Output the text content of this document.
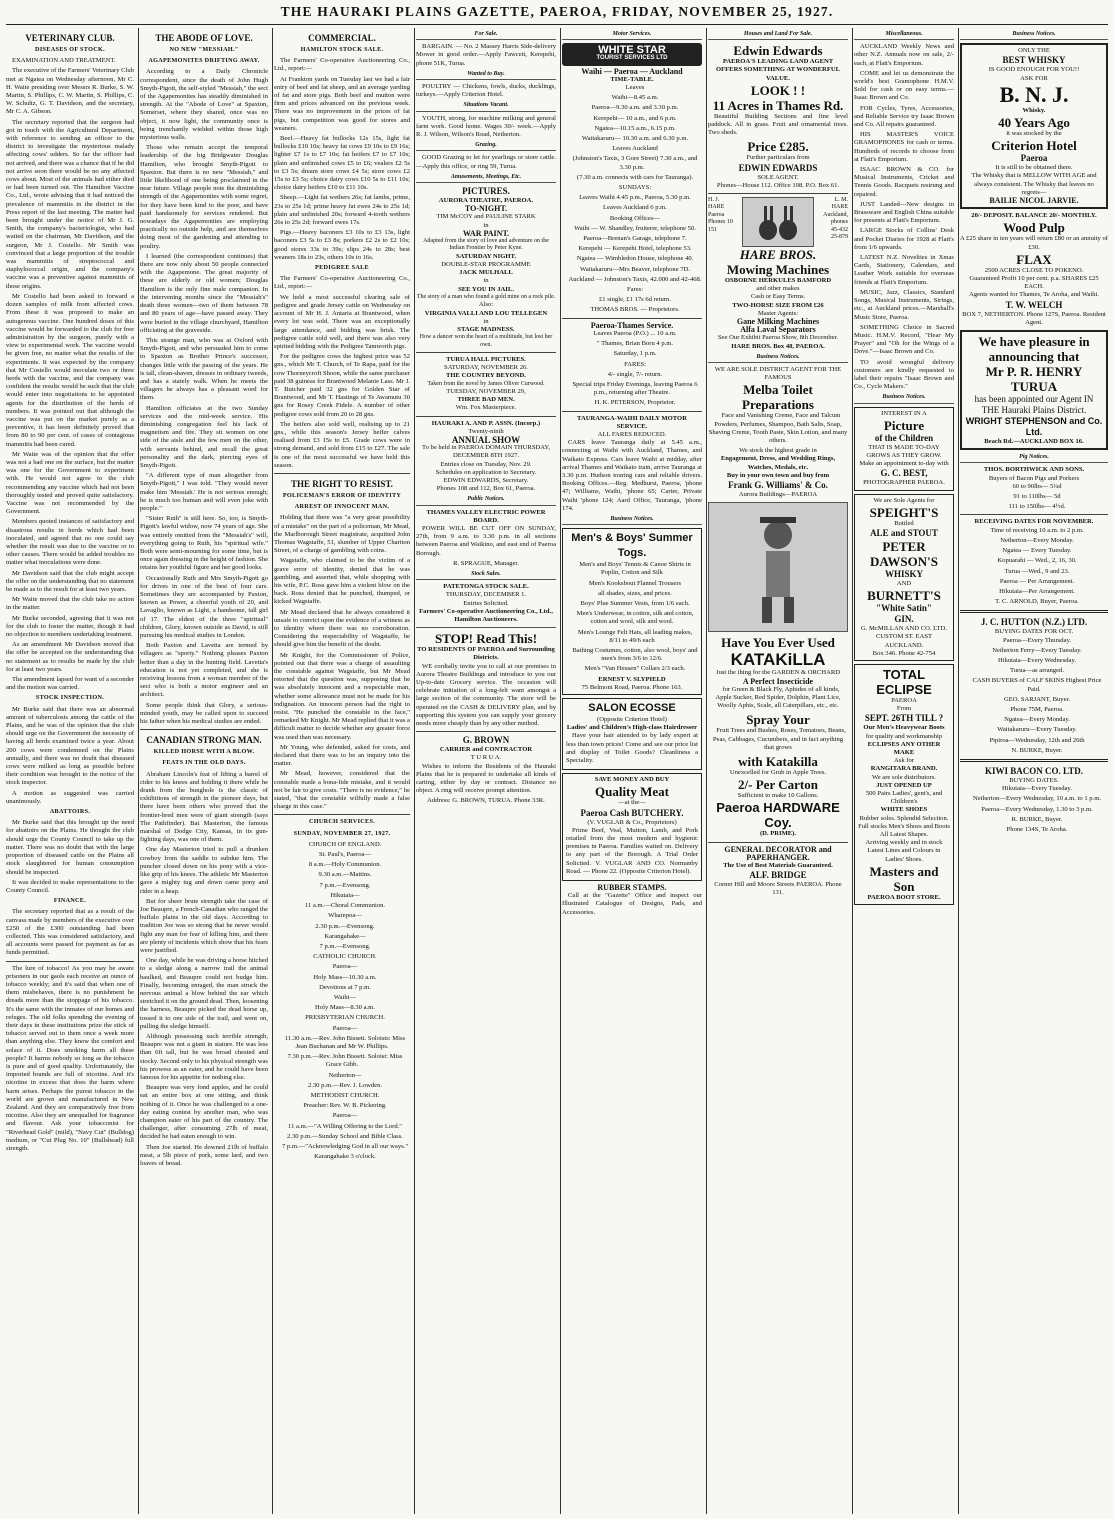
THE HAURAKI PLAINS GAZETTE, PAEROA, FRIDAY, NOVEMBER 25, 1927.
VETERINARY CLUB.
DISEASES OF STOCK.

EXAMINATION AND TREATMENT.

The executive of the Farmers' Veterinary Club met at Ngatea on Wednesday afternoon, Mr C. H. Waite presiding over Messrs R. Burke, S. W. Martin, S. Phillips, C. W. Martin, S. Phillips, C. W. Schultz, G. T. Davidson, and the secretary, Mr C. A. Gibson.

The secretary reported that the surgeon had got in touch with the Agricultural Department, with reference to sending an officer to the district to investigate the mysterious malady affecting cows' udders. So far the officer had not arrived, and there was a chance that if he did not arrive soon there would be no any affected cows about. Most of the animals had either died or had been turned out. The Hamilton Vaccine Co., Ltd., wrote advising that it had noticed the prevalence of mammitis in the district in the Press report of the last meeting. The matter had been brought under the notice of Mr J. G. Smith, the company's bacteriologist, who had waited on the chairman, Mr Davidson, and the surgeon, Mr J. Costello. Mr Smith was convinced that a large proportion of the trouble was mammitis of streptococcal and staphylococcal origin, and the company's vaccine was a preventive against mammitis of those origins.

Mr Costello had been asked to forward a dozen samples of milk from affected cows. From these it was proposed to make an autogenous vaccine. One hundred doses of this vaccine would be forwarded to the club for free administration by the surgeon, purely with a view to experimental work. The vaccine would be given free, no matter what the results of the experiments. It was expected by the company that Mr Costello would inoculate two or three herds with the vaccine, and the company was confident the results would be such that the club would enter into negotiations to be appointed agents for the distribution of the herds of numbers. It was pointed out that although the vaccine was put on the market purely as a preventive, it has been definitely proved that from 80 to 90 per cent. of cases of contagious mammitis had been cured.

Mr Waite was of the opinion that the offer was not a bad one on the surface, but the matter was one for the Government to experiment with. He would not agree to the club recommending any vaccine which had not been thoroughly tested and proved quite satisfactory. Vaccine was not recommended by the Government.

Members quoted instances of satisfactory and disastrous results in herds which had been inoculated, and agreed that no one could say whether the result was due to the vaccine or to other causes. There would be added troubles no matter what inoculations were done.

Mr Davidson said that the club might accept the offer on the understanding that no statement be made as to the result for at least two years.

Mr Waite moved that the club take no action in the matter.

Mr Burke seconded, agreeing that it was not for the club to foster the matter, though it had no objection to members undertaking treatment.

As an amendment Mr Davidson moved that the offer be accepted on the understanding that no statement as to results be made by the club for at least two years.

The amendment lapsed for want of a seconder and the motion was carried.

STOCK INSPECTION.

Mr Burke said that there was an abnormal amount of tuberculosis among the cattle of the Plains, and he was of the opinion that the club should urge on the Government the necessity of having all herds examined twice a year. About 200 cows were condemned on the Plains annually, and there was no doubt that diseased cows were milked as long as possible before their condition was brought to the notice of the stock inspector.

A motion as suggested was carried unanimously.

ABATTOIRS.

Mr Burke said that this brought up the need for abattoirs on the Plains. He thought the club should urge the County Council to take up the matter. There was no doubt that with the large proportion of diseased cattle on the Plains all stock slaughtered for human consumption should be inspected.

It was decided to make representations to the County Council.

FINANCE.

The secretary reported that as a result of the canvass made by members of the executive over £250 of the £300 outstanding had been collected. This was considered satisfactory, and all accounts were passed for payment as far as funds permitted.

The lure of tobacco! As you may be aware prisoners in our gaols each receive an ounce of tobacco weekly; and it's said that when one of them misbehaves, there is no punishment he dreads more than the stoppage of his tobacco. It's the same with the inmates of our homes and refuges. The old folks spending the evening of their days in these institutions prize the stick of tobacco served out to them once a week more than anything else. They know the comfort and solace of it. Does smoking harm all these people? It harms nobody so long as the tobacco is pure and of good quality. Unfortunately, the imported brands are full of nicotine. And it's nicotine in excess that does the harm where harm arises. Perhaps the purest tobacco in the world are grown and manufactured in New Zealand. And they are comparatively free from nicotine. Also they are unequalled for fragrance and flavour. Ask your tobacconist for "Riverhead Gold" (mild), "Navy Cut" (Bulldog) medium, or "Cut Plug No. 10" (Bullshead) full strength.

THE ABODE OF LOVE.
NO NEW "MESSIAH."
AGAPEMONITES DRIFTING AWAY.

According to a Daily Chronicle correspondent, since the death of John Hugh Smyth-Pigott, the self-styled "Messiah," the sect of the Agapemonites has steadily diminished in strength. At the "Abode of Love" at Spaxton, Somerset, where they shared, once was no object, it now light, the community once is being trenchantly wielded within those high mysterious walls.

Those who remain accept the temporal leadership of the big Bridgwater Douglas Hamilton, who brought Smyth-Pigott to Spaxton. But there is no new "Messiah," and little likelihood of one being proclaimed in the near future. Village people note the diminishing strength of the Agapemonites with some regret, for they have been kind to the poor, and have paid handsomely for services rendered. But nowadays the Agapemonites are employing practically no outside help, and are themselves doing most of the gardening and attending to poultry.

I learned (the correspondent continues) that there are now only about 50 people connected with the Agapemone. The great majority of these are elderly or old women; Douglas Hamilton is the only fine male companion. In the intervening months since the "Messiah's" death three women—two of them between 78 and 80 years of age—have passed away. They were buried in the village churchyard, Hamilton officiating at the graveside.

This strange man, who was at Oxford with Smyth-Pigott, and who persuaded him to come to Spaxton as Brother Prince's successor, changes little with the passing of the years. He is tall, clean-shaven, dresses in ordinary tweeds, and has a stately walk. When he meets the villagers he always has a pleasant word for them.

Hamilton officiates at the two Sunday services and the mid-week service. His diminishing congregation feel his lack of magnetism and fire. They sit women on one side of the aisle and the few men on the other, with servants behind, and recall the great personality and the dark, piercing eyes of Smyth-Pigott.

"A different type of man altogether from Smyth-Pigott," I was told. "They would never make him 'Messiah.' He is not serious enough; he is much too human and will even joke with people."

"Sister Ruth" is still here. So, too, is Smyth-Pigott's lawful widow, now 74 years of age. She was entirely omitted from the "Messiah's" will, everything going to Ruth, his "spiritual wife." Both were semi-mourning for some time, but is once again dressing in the height of fashion. She retains her youthful figure and her good looks.

Occasionally Ruth and Mrs Smyth-Pigott go for drives in one of the best of four cars. Sometimes they are accompanied by Paxton, known as Power, a cheerful youth of 20, and Lavaglio, known as Light, a handsome, tall girl of 17. The eldest of the three "spiritual" children, Glory, known outside as David, is still pursuing his medical studies in London.

Both Paxton and Lavetta are termed by villagers as "sporty." Nothing pleases Paxton better than a day in the hunting field. Lavetta's education is not yet completed, and she is receiving lessons from a woman member of the sect who is both a motor engineer and an architect.

Some people think that Glory, a serious-minded youth, may be called upon to succeed his father when his medical studies are ended.

CANADIAN STRONG MAN.
KILLED HORSE WITH A BLOW.
FEATS IN THE OLD DAYS.

Abraham Lincoln's feat of lifting a barrel of cider to his knees and holding it there while he drank from the bunghole is the classic of exhibitions of strength in the pioneer days, but there have been others who proved that the frontier-bred men were of giant strength (says The Pathfinder). Bat Masterton, the famous marshal of Dodge City, Kansas, in its gun-fighting days, was one of them.

One day Masterton tried to pull a drunken cowboy from the saddle to subdue him. The puncher closed down on his pony with a vice-like grip of his knees. The athletic Mr Masterton gave a mighty tug and down came pony and rider in a heap.

But for sheer brute strength take the case of Joe Beaupre, a French-Canadian who ranged the buffalo plains in the old days. According to tradition Joe was so strong that he never would fight any man for fear of killing him, and there are plenty of incidents which show that his fears were justified.

One day, while he was driving a horse hitched to a sledge along a narrow trail the animal baulked, and Beaupre could not budge him. Finally, becoming enraged, the man struck the nervous animal a blow behind the ear which stretched it on the ground dead. Then, loosening the harness, Beaupre picked the dead horse up, tossed it to one side of the trail, and went on, pulling the sledge himself.

Although possessing such terrible strength, Beaupre was not a giant in stature. He was less than 6ft tall, but he was broad chested and stocky. Second only to his physical strength was his prowess as an eater, and he could have been famous for his appetite for nothing else.

Beaupre was very fond apples, and he could eat an entire box at one sitting, and think nothing of it. Once he was challenged to a one-day eating contest by another man, who was champion eater of his part of the country. The challenger, after consuming 27lb of meat, decided he had eaten enough to win.

Then Joe started. He downed 21lb of buffalo meat, a 5lb piece of pork, some lard, and two loaves of bread.

COMMERCIAL.
HAMILTON STOCK SALE.

The Farmers' Co-operative Auctioneering Co., Ltd., report:—

At Frankton yards on Tuesday last we had a fair entry of beef and fat sheep, and an average yarding of fat and store pigs. Both beef and mutton were firm and prices advanced on the previous week. There was no improvement in the prices of fat pigs, but competition was good for stores and weaners.

Beef.—Heavy fat bullocks 12s 15s, light fat bullocks £10 10s; heavy fat cows £9 10s to £9 16s; lighter £7 1s to £7 10s; fat heifers £7 to £7 10s; plain and unfinished cows £5 to £6; vealers £2 5s to £3 5s; dream store cows £4 5s; store cows £2 15s to £3 5s; choice dairy cows £10 5s to £11 10s; choice dairy heifers £10 to £11 10s.

Sheep.—Light fat wethers 26s; fat lambs, prime, 23s to 25s 1d; prime heavy fat ewes 24s to 25s 1d; plain and unfinished 20s; forward 4-tooth wethers 26s to 25s 2d; forward ewes 17s.

Pigs.—Heavy baconers £3 10s to £3 13s, light baconers £3 5s to £3 8s; porkers £2 2s to £2 10s; good stores 33s to 39s; slips 24s to 28s; best weaners 18s to 23s, others 10s to 16s.

PEDIGREE SALE

The Farmers' Co-operative Auctioneering Co., Ltd., report:—

We held a most successful clearing sale of pedigree and grade Jersey cattle on Wednesday on account of Mr H. J. Antaria at Brantwood, when every lot was sold. There was an exceptionally large attendance, and bidding was brisk. The pedigree cattle sold well, and there was also very spirited bidding with the Pedigree Tamworth pigs.

For the pedigree cows the highest price was 52 gns., which Mr T. Church, of Te Rapa, paid for the cow Thorneycroft Shoon, while the same purchaser paid 38 guineas for Brantwood Melanie Lass. Mr J. T. Butcher paid 32 gns for Golden Star of Brantwood, and Mr T. Hastings of Te Awamutu 30 gns for Rosey Creek Fidele. A number of other pedigree cows sold from 20 to 28 gns.

The heifers also sold well, realising up to 21 gns., while this season's Jersey heifer calves realised from £3 15s to £5. Grade cows were in strong demand, and sold from £15 to £27. The sale is one of the most successful we have held this season.

THE RIGHT TO RESIST.
POLICEMAN'S ERROR OF IDENTITY
ARREST OF INNOCENT MAN.

Holding that there was "a very great possibility of a mistake" on the part of a policeman, Mr Mead, the Marlborough Street magistrate, acquitted John Thomas Wagstaffe, 51, slumber of Upper Chariton Street, of a charge of gambling with coins.

Wagstaffe, who claimed to be the victim of a grave error of identity, denied that he was gambling, and asserted that, while shopping with his wife, P.C. Ross gave him a violent blow on the back. Ross denied that he punched, thumped, or kicked Wagstaffe.

Mr Mead declared that he always considered it unsafe to convict upon the evidence of a witness as to identity where there was no corroboration. Considering the respectability of Wagstaffe, he should give him the benefit of the doubt.

Mr Knight, for the Commissioner of Police, pointed out that there was a charge of assaulting the constable against Wagstaffe, but Mr Mead retorted that the question was, supposing that he was absolutely innocent and a respectable man, whether some allowance must not be made for his indignation. An innocent person had the right to resist. "He punched the constable in the face," remarked Mr Knight. Mr Mead replied that it was a difficult matter to decide whether any greater force was used than was necessary.

Mr Young, who defended, asked for costs, and declared that there was to be an inquiry into the matter.

Mr Mead, however, considered that the constable made a bona-fide mistake, and it would not be fair to give costs. "There is no evidence," he stated, "that the constable wilfully made a false charge in this case."

CHURCH SERVICES.
SUNDAY, NOVEMBER 27, 1927.

CHURCH OF ENGLAND.

St. Paul's, Paeroa—

8 a.m.—Holy Communion.

9.30 a.m.—Mattins.

7 p.m.—Evensong.

Hikutaia—

11 a.m.—Choral Communion.

Wharepoa—

2.30 p.m.—Evensong.

Karangahake—

7 p.m.—Evensong.

CATHOLIC CHURCH.

Paeroa—

Holy Mass—10.30 a.m.

Devotions at 7 p.m.

Waihi—

Holy Mass—8.30 a.m.

PRESBYTERIAN CHURCH.

Paeroa—

11.30 a.m.—Rev. John Bissett. Soloists: Miss Jean Buchanan and Mr W. Phillips.

7.30 p.m.—Rev. John Bissett. Soloist: Miss Grace Gibb.

Netherton—

2.30 p.m.—Rev. J. Lowden.

METHODIST CHURCH.

Preacher: Rev. W. B. Pickering.

Paeroa—

11 a.m.—"A Willing Offering to the Lord."

2.30 p.m.—Sunday School and Bible Class.

7 p.m.—"Acknowledging God in all our ways."

Karangahake 3 o'clock.

For Sale.

BARGAIN. — No. 2 Massey Harris Side-delivery Mower in good order.—Apply Fawcett, Kerepehi, phone 51K, Turua.

Wanted to Buy.

POULTRY — Chickens, fowls, ducks, ducklings, turkeys.—Apply Criterion Hotel.

Situations Vacant.

YOUTH, strong, for machine milking and general farm work. Good home. Wages 30/- week.—Apply R. J. Wilson, Wilson's Road, Netherton.

Grazing.

GOOD Grazing to let for yearlings or store cattle.—Apply this office, or ring 59, Turua.

Amusements, Meetings, Etc.
PICTURES.
AURORA THEATRE, PAEROA.
TO-NIGHT.
TIM McCOY and PAULINE STARK
in
WAR PAINT.
Adapted from the story of love and adventure on the Indian Frontier by Peter Kyne.
SATURDAY NIGHT.
DOUBLE-STAR PROGRAMME
JACK MULHALL
in
SEE YOU IN JAIL.
The story of a man who found a gold mine on a rock pile.
Also:
VIRGINIA VALLI AND LOU TELLEGEN
in
STAGE MADNESS.
How a dancer won the heart of a multitude, but lost her own.
TURUA HALL PICTURES.
SATURDAY, NOVEMBER 26.
THE COUNTRY BEYOND.
Taken from the novel by James Oliver Curwood.
TUESDAY, NOVEMBER 29,
THREE BAD MEN.
Wm. Fox Masterpiece.
HAURAKI A. AND P. ASSN. (Incorp.)
Twenty-ninth
ANNUAL SHOW
To be held in PAEROA DOMAIN THURSDAY, DECEMBER 8TH 1927.
Entries close on Tuesday, Nov. 29.
Schedules on application to Secretary.
EDWIN EDWARDS, Secretary.
Phones 108 and 112, Box 61, Paeroa.
Public Notices.
THAMES VALLEY ELECTRIC POWER BOARD.

POWER WILL BE CUT OFF ON SUNDAY, 27th, from 9 a.m. to 3.30 p.m. in all sections between Paeroa and Waikino, and east end of Paeroa Borough.

R. SPRAGUE, Manager.
Stock Sales.
PATETONGA STOCK SALE.
THURSDAY, DECEMBER 1.
Entries Solicited.
Farmers' Co-operative Auctioneering Co., Ltd., Hamilton Auctioneers.
STOP! Read This!
TO RESIDENTS OF PAEROA and Surrounding Districts.

WE cordially invite you to call at our premises in Aurora Theatre Buildings and introduce to you our Up-to-date Grocery service. The occasion will celebrate initiation of a long-felt want amongst a large section of the community. The store will be operated on the CASH & DELIVERY plan, and by supporting this system you can supply your grocery needs more cheaply than by any other method.

G. BROWN
CARRIER and CONTRACTOR
T U R U A.

Wishes to inform the Residents of the Hauraki Plains that he is prepared to undertake all kinds of carting, either by day or contract. Distance no object. A ring will receive prompt attention.

Address: G. BROWN, TURUA. Phone 33R.
Motor Services.
WHITE STAR
TOURIST SERVICES LTD
Waihi — Paeroa — Auckland
TIME-TABLE.

Leaves

Waihi—8.45 a.m.

Paeroa—9.30 a.m. and 3.30 p.m.

Kerepehi— 10 a.m., and 6 p.m.

Ngatea—10.15 a.m., 6.15 p.m.

Waitakaruru— 10.30 a.m. and 6.30 p.m.

Leaves Auckland

(Johnston's Taxis, 3 Gore Street) 7.30 a.m., and 3.30 p.m.

(7.30 a.m. connects with cars for Tauranga).

SUNDAYS:

Leaves Waihi 4.45 p.m., Paeroa, 5.30 p.m.

Leaves Auckland 6 p.m.

Booking Offices—

Waihi — W. Shandley, fruiterer, telephone 50.

Paeroa—Brenan's Garage, telephone 7.

Kerepehi — Kerepehi Hotel, telephone 53.

Ngatea — Wimbledon House, telephone 40.

Waitakaruru—Mrs Beaver, telephone 7D.

Auckland — Johnston's Taxis, 42.000 and 42-468.

Fares:

£1 single, £1 17s 6d return.

THOMAS BROS. — Proprietors.

Paeroa-Thames Service.

Leaves Paeroa (P.O.) ... 10 a.m.

" Thames, Brian Boru 4 p.m.

Saturday, 1 p.m.

FARES:

4/- single, 7/- return.

Special trips Friday Evenings, leaving Paeroa 6 p.m., returning after Theatre.

H. K. PETERSON, Proprietor.

TAURANGA-WAIHI DAILY MOTOR SERVICE.
ALL FARES REDUCED.

CARS leave Tauranga daily at 5.45 a.m., connecting at Waihi with Auckland, Thames, and Waikato Express. Cars leave Waihi at midday, after arrival Thames and Waikato train, arrive Tauranga at 3.30 p.m. Hudson touring cars and reliable drivers. Booking Offices.—Reg. Medhurst, Paeroa, 'phone 47; Williams, Waihi, 'phone 65; Carter, Private Waihi 'phone 124; Aard Office, Tauranga, 'phone 174.

Business Notices.
Men's & Boys' Summer Togs.

Men's and Boys' Tennis & Canoe Shirts in Poplin, Cotton and Silk

Men's Kooksbout Flannel Trousers

all shades, sizes, and prices.

Boys' Plue Summer Vests, from 1/6 each.

Men's Underwear, in cotton, silk and cotton, cotton and wool, silk and wool.

Men's Lounge Felt Hats, all leading makes, 8/11 to 49/6 each

Bathing Costumes, cotton, also wool, boys' and men's from 3/6 to 12/6.

Men's "Van Heusen" Collars 2/3 each.

ERNEST V. SLYPIELD
75 Belmont Road, Paeroa. Phone 163.
SALON ECOSSE
(Opposite Criterion Hotel)
Ladies' and Children's High-class Hairdresser

Have your hair attended to by lady expert at less than town prices! Come and see our price list and display of Toilet Goods? Cleanliness a Speciality.

SAVE MONEY AND BUY
Quality Meat
—at the—
Paeroa Cash BUTCHERY.
(V. VUGLAR & Co., Proprietors)

Prime Beef, Veal, Mutton, Lamb, and Pork retailed from the most modern and hygienic premises in Paeroa. Families waited on. Delivery to any part of the Borough. A Trial Order Solicited. V. VUGLAR AND CO. Normanby Road. — Phone 22. (Opposite Criterion Hotel).

RUBBER STAMPS.

Call at the "Gazette" Office and inspect our Illustrated Catalogue of Designs, Pads, and Accessories.

Houses and Land For Sale.
Edwin Edwards
PAEROA'S LEADING LAND AGENT
OFFERS SOMETHING AT WONDERFUL VALUE.
LOOK ! !
11 Acres in Thames Rd.

Beautiful Building Sections and fine level paddock. All in grass. Fruit and ornamental trees. Two sheds.

Price £285.
Further particulars from
EDWIN EDWARDS
SOLE AGENT.
Phones—House 112. Office 108. P.O. Box 61.
H. J. HARE Paeroa Phones 10 151
L. M. HARE Auckland, phones 45-432 25-879
HARE BROS.
Mowing Machines
OSBORNE HERKULES BAMFORD
and other makes
Cash or Easy Terms.
TWO-HORSE SIZE FROM £26
Master Agents:
Gane Milking Machines
Alfa Laval Separators
See Our Exhibit Paeroa Show, 8th December.
HARE BROS. Box 48, PAEROA.
Business Notices.
WE ARE SOLE DISTRICT AGENT FOR THE FAMOUS
Melba Toilet Preparations

Face and Vanishing Creme, Face and Talcum Powders, Perfumes, Shampoo, Bath Salts, Soap, Shaving Creme, Tooth Paste, Skin Lotion, and many others.

We stock the highest grade in
Engagement, Dress, and Wedding Rings, Watches, Medals, etc.
Buy in your own town and buy from
Frank G. Williams' & Co.
Aurora Buildings—PAEROA
Have You Ever Used
KATAKiLLA
Just the thing for the GARDEN & ORCHARD
A Perfect Insecticide

for Green & Black Fly, Aphides of all kinds, Apple Sucker, Red Spider, Dolphin, Plant Lice, Woolly Aphis, Scale, all Caterpillars, etc., etc.

Spray Your

Fruit Trees and Bushes, Roses, Tomatoes, Beans, Peas, Cabbages, Cucumbers, and in fact anything that grows

with Katakilla
Unexcelled for Grub in Apple Trees.
2/- Per Carton
Sufficient to make 10 Gallons.
Paeroa HARDWARE Coy.
(D. PRIME).
GENERAL DECORATOR and PAPERHANGER.
The Use of Best Materials Guaranteed.
ALF. BRIDGE
Corner Hill and Moore Streets PAEROA. Phone 131.
Miscellaneous.

AUCKLAND Weekly News and other N.Z. Annuals now on sale, 2/- each, at Flatt's Emporium.

COME and let us demonstrate the world's best Gramophone H.M.V. Sold for cash or on easy terms.—Isaac Brown and Co.

FOR Cycles, Tyres, Accessories, and Reliable Service try Isaac Brown and Co. All repairs guaranteed.

HIS MASTER'S VOICE GRAMOPHONES for cash or terms. Hundreds of records to choose from at Flatt's Emporium.

ISAAC BROWN & CO. for Musical Instruments, Cricket and Tennis Goods. Racquets restrung and repaired.

JUST Landed—New designs in Brassware and English China suitable for presents at Flatt's Emporium.

LARGE Stocks of Collins' Desk and Pocket Diaries for 1928 at Flatt's from 1/6 upwards.

LATEST N.Z. Novelties in Xmas Cards, Stationery, Calendars, and Leather Work suitable for overseas friends at Flatt's Emporium.

MUSIC, Jazz, Classics, Standard Songs, Musical Instruments, Strings, etc., at Auckland prices.—Marshall's Music Store, Paeroa.

SOMETHING Choice in Sacred Music. H.M.V. Record, "Hear My Prayer" and "Oh for the Wings of a Dove."—Isaac Brown and Co.

TO avoid wrongful delivery customers are kindly requested to label their repairs "Isaac Brown and Co., Cycle Makers."

Business Notices.
INTEREST IN A
Picture
of the Children
THAT IS MADE TO-DAY GROWS AS THEY GROW.
Make an appointment to-day with
G. C. BEST,
PHOTOGRAPHER PAEROA.
We are Sole Agents for
SPEIGHT'S
Bottled
ALE and STOUT
PETER DAWSON'S
WHISKY
AND
BURNETT'S
"White Satin"
GIN.
G. McMILLAN AND CO. LTD.
CUSTOM ST. EAST AUCKLAND.
Box 346. Phone 42-754
TOTAL ECLIPSE
PAEROA
From
SEPT. 26TH TILL ?
Our Men's Heavywear Boots
for quality and workmanship
ECLIPSES ANY OTHER MAKE
Ask for
RANGITARA BRAND.
We are sole distributors.
JUST OPENED UP
500 Pairs Ladies', gent's, and Children's
WHITE SHOES
Rubber soles. Splendid Selection.
Full stocks Men's Shoes and Boots All Latest Shapes.
Arriving weekly and in stock Latest Lines and Colours in Ladies' Shoes.
Masters and Son
PAEROA BOOT STORE.
Business Notices.
ONLY THE
BEST WHISKY
IS GOOD ENOUGH FOR YOU!!
ASK FOR
B. N. J.
Whisky.
40 Years Ago
it was stocked by the
Criterion Hotel
Paeroa
It is still to be obtained there.
The Whisky that is MELLOW WITH AGE and always consistent. The Whisky that leaves no regrets—
BAILIE NICOL JARVIE.
20/- DEPOSIT. BALANCE 20/- MONTHLY.
Wood Pulp
A £25 share in ten years will return £80 or an annuity of £30.
FLAX
2500 ACRES CLOSE TO POKENO.
Guaranteed Profit 10 per cent. p.a. SHARES £25 EACH.
Agents wanted for Thames, Te Aroha, and Waihi.
T. W. WELCH
BOX 7, NETHERTON. Phone 127S, Paeroa. Resident Agent.
We have pleasure in announcing that
Mr P. R. HENRY TURUA
has been appointed our Agent IN THE Hauraki Plains District.
WRIGHT STEPHENSON and Co. Ltd.
Beach Rd.—AUCKLAND BOX 16.
Pig Notices.
THOS. BORTHWICK AND SONS.
Buyers of Bacon Pigs and Porkers

60 to 90lbs— 5¼d

91 to 110lbs— 5d

111 to 150lbs— 4½d.

RECEIVING DATES FOR NOVEMBER.

Time of receiving 10 a.m. to 2 p.m.

Netherton—Every Monday.

Ngatea — Every Tuesday.

Kopuarahi — Wed., 2, 16, 30.

Turua —Wed., 9 and 23.

Paeroa — Per Arrangement.

Hikutaia—Per Arrangement.

T. C. ARNOLD, Buyer, Paeroa.

J. C. HUTTON (N.Z.) LTD.
BUYING DATES FOR OCT.

Paeroa—Every Thursday.

Netherton Ferry—Every Tuesday.

Hikutaia—Every Wednesday.

Turua—as arranged.

CASH BUYERS of CALF SKINS Highest Price Paid.

GEO. SARJANT, Buyer.

Phone 75M, Paeroa.

Ngatea—Every Monday.

Waitakaruru—Every Tuesday.

Pipiroa—Wednesday, 12th and 26th

N. BURKE, Buyer.

KIWI BACON CO. LTD.
BUYING DATES.

Hikutaia—Every Tuesday.

Netherton—Every Wednesday, 10 a.m. to 1 p.m.

Paeroa—Every Wednesday, 1.30 to 3 p.m.

R. BURKE, Buyer.

Phone 134S, Te Aroha.
